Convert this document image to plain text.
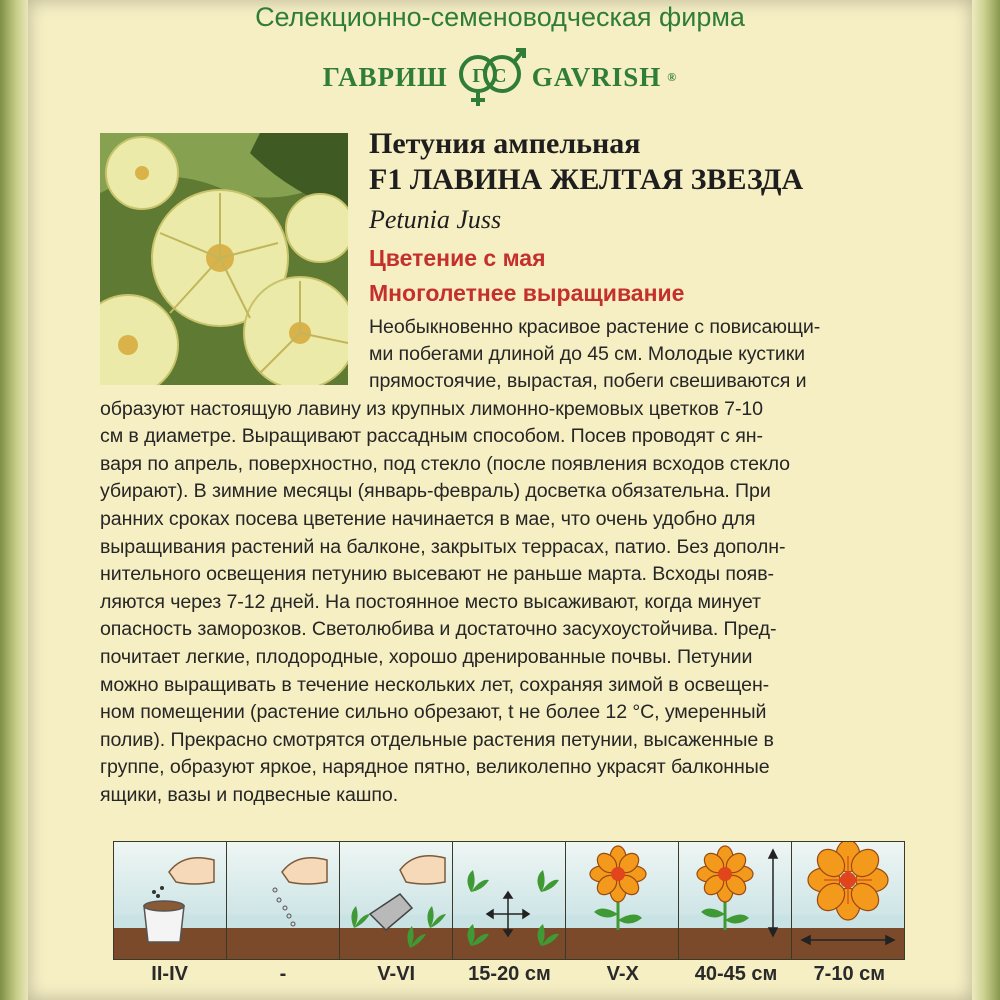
Селекционно-семеноводческая фирма
ГАВРИШ Г С GAVRISH ®
Петуния ампельная
F1 ЛАВИНА ЖЕЛТАЯ ЗВЕЗДА
Petunia Juss
Цветение с мая
Многолетнее выращивание
Необыкновенно красивое растение с повисающи-
ми побегами длиной до 45 см. Молодые кустики
прямостоячие, вырастая, побеги свешиваются и
образуют настоящую лавину из крупных лимонно-кремовых цветков 7-10
см в диаметре. Выращивают рассадным способом. Посев проводят с ян-
варя по апрель, поверхностно, под стекло (после появления всходов стекло
убирают). В зимние месяцы (январь-февраль) досветка обязательна. При
ранних сроках посева цветение начинается в мае, что очень удобно для
выращивания растений на балконе, закрытых террасах, патио. Без дополн-
нительного освещения петунию высевают не раньше марта. Всходы появ-
ляются через 7-12 дней. На постоянное место высаживают, когда минует
опасность заморозков. Светолюбива и достаточно засухоустойчива. Пред-
почитает легкие, плодородные, хорошо дренированные почвы. Петунии
можно выращивать в течение нескольких лет, сохраняя зимой в освещен-
ном помещении (растение сильно обрезают, t не более 12 °С, умеренный
полив). Прекрасно смотрятся отдельные растения петунии, высаженные в
группе, образуют яркое, нарядное пятно, великолепно украсят балконные
ящики, вазы и подвесные кашпо.
II-IV	-	V-VI	15-20 см	V-X	40-45 см	7-10 см
